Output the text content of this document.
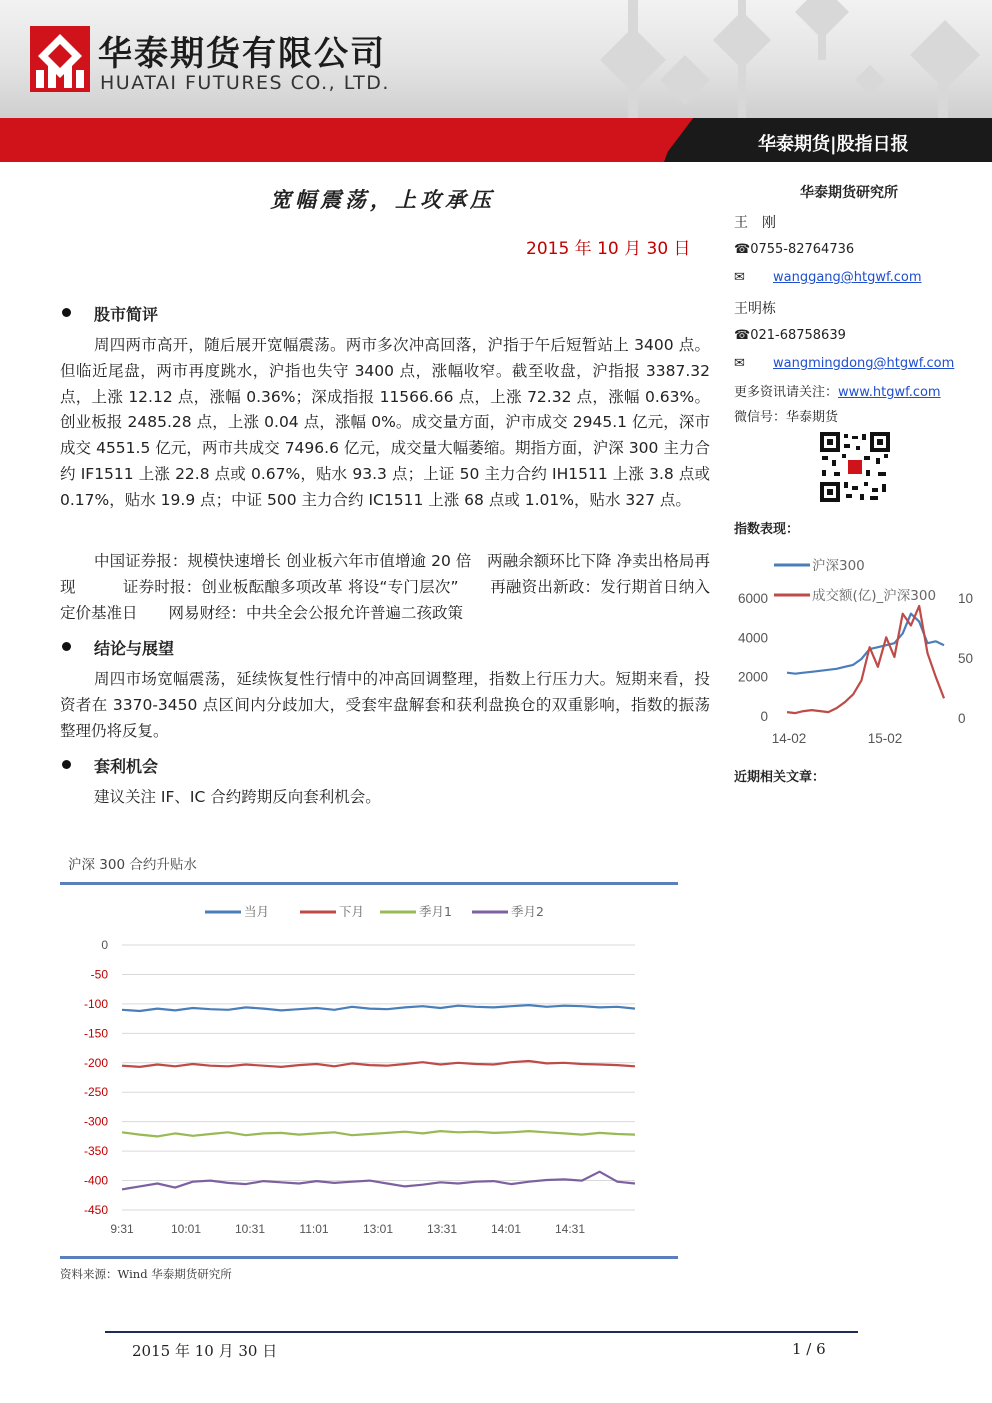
华泰期货有限公司
HUATAI FUTURES CO., LTD.
华泰期货|股指日报
宽幅震荡，上攻承压
2015 年 10 月 30 日
股市简评
周四两市高开，随后展开宽幅震荡。两市多次冲高回落，沪指于午后短暂站上 3400 点。但临近尾盘，两市再度跳水，沪指也失守 3400 点，涨幅收窄。截至收盘，沪指报 3387.32 点，上涨 12.12 点，涨幅 0.36%；深成指报 11566.66 点，上涨 72.32 点，涨幅 0.63%。创业板报 2485.28 点，上涨 0.04 点，涨幅 0%。成交量方面，沪市成交 2945.1 亿元，深市成交 4551.5 亿元，两市共成交 7496.6 亿元，成交量大幅萎缩。期指方面，沪深 300 主力合约 IF1511 上涨 22.8 点或 0.67%，贴水 93.3 点；上证 50 主力合约 IH1511 上涨 3.8 点或 0.17%，贴水 19.9 点；中证 500 主力合约 IC1511 上涨 68 点或 1.01%，贴水 327 点。
中国证券报：规模快速增长 创业板六年市值增逾 20 倍　两融余额环比下降 净卖出格局再现　　　证券时报：创业板酝酿多项改革 将设“专门层次”　　再融资出新政：发行期首日纳入定价基准日　　网易财经：中共全会公报允许普遍二孩政策
结论与展望
周四市场宽幅震荡，延续恢复性行情中的冲高回调整理，指数上行压力大。短期来看，投资者在 3370-3450 点区间内分歧加大，受套牢盘解套和获利盘换仓的双重影响，指数的振荡整理仍将反复。
套利机会
建议关注 IF、IC 合约跨期反向套利机会。
华泰期货研究所
王　刚
☎0755-82764736
✉ wanggang@htgwf.com
王明栋
☎021-68758639
✉ wangmingdong@htgwf.com
更多资讯请关注：www.htgwf.com
微信号：华泰期货
指数表现：
沪深300
成交额(亿)_沪深300
6000
4000
2000
0
10
50
0
14-02	15-02
近期相关文章：
沪深 300 合约升贴水
当月	下月	季月1	季月2
0
-50
-100
-150
-200
-250
-300
-350
-400
-450
9:31	10:01	10:31	11:01	13:01	13:31	14:01	14:31
资料来源：Wind 华泰期货研究所
2015 年 10 月 30 日	1 / 6
